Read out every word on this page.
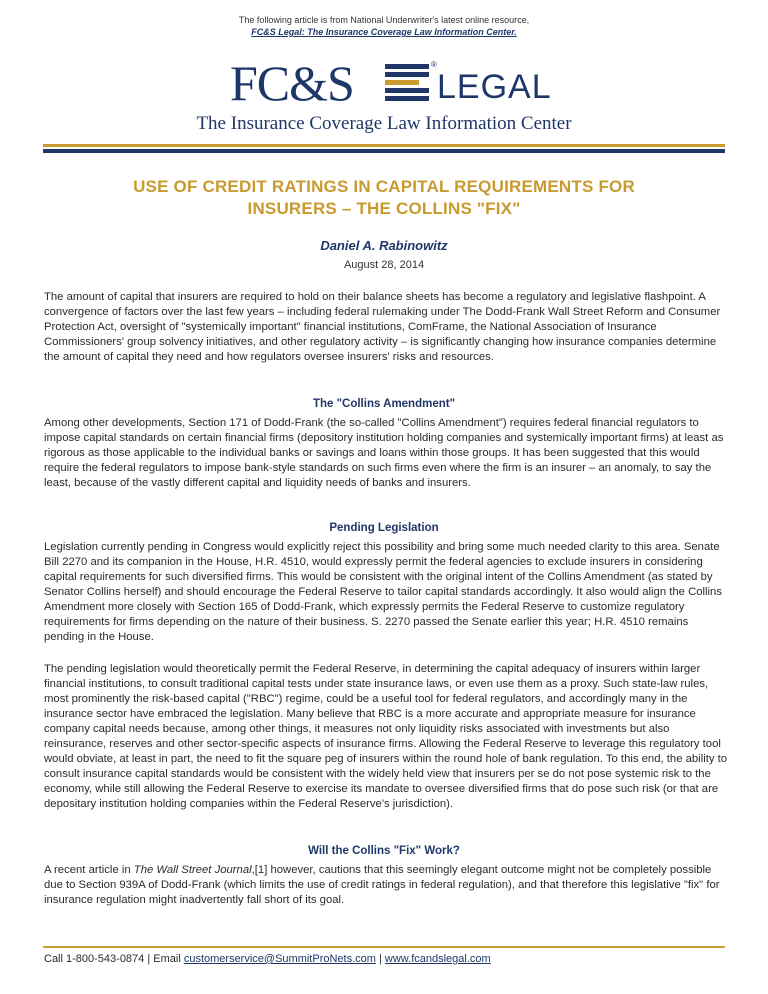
The following article is from National Underwriter's latest online resource,
FC&S Legal: The Insurance Coverage Law Information Center.
FC&S	®
LEGAL
The Insurance Coverage Law Information Center
USE OF CREDIT RATINGS IN CAPITAL REQUIREMENTS FOR
INSURERS – THE COLLINS "FIX"
Daniel A. Rabinowitz
August 28, 2014

The amount of capital that insurers are required to hold on their balance sheets has become a regulatory and legislative flashpoint. A convergence of factors over the last few years – including federal rulemaking under The Dodd-Frank Wall Street Reform and Consumer Protection Act, oversight of "systemically important" financial institutions, ComFrame, the National Association of Insurance Commissioners' group solvency initiatives, and other regulatory activity – is significantly changing how insurance companies determine the amount of capital they need and how regulators oversee insurers' risks and resources.

The "Collins Amendment"

Among other developments, Section 171 of Dodd-Frank (the so-called "Collins Amendment") requires federal financial regulators to impose capital standards on certain financial firms (depository institution holding companies and systemically important firms) at least as rigorous as those applicable to the individual banks or savings and loans within those groups. It has been suggested that this would require the federal regulators to impose bank-style standards on such firms even where the firm is an insurer – an anomaly, to say the least, because of the vastly different capital and liquidity needs of banks and insurers.

Pending Legislation

Legislation currently pending in Congress would explicitly reject this possibility and bring some much needed clarity to this area. Senate Bill 2270 and its companion in the House, H.R. 4510, would expressly permit the federal agencies to exclude insurers in considering capital requirements for such diversified firms. This would be consistent with the original intent of the Collins Amendment (as stated by Senator Collins herself) and should encourage the Federal Reserve to tailor capital standards accordingly. It also would align the Collins Amendment more closely with Section 165 of Dodd-Frank, which expressly permits the Federal Reserve to customize regulatory requirements for firms depending on the nature of their business. S. 2270 passed the Senate earlier this year; H.R. 4510 remains pending in the House.

The pending legislation would theoretically permit the Federal Reserve, in determining the capital adequacy of insurers within larger financial institutions, to consult traditional capital tests under state insurance laws, or even use them as a proxy. Such state-law rules, most prominently the risk-based capital ("RBC") regime, could be a useful tool for federal regulators, and accordingly many in the insurance sector have embraced the legislation. Many believe that RBC is a more accurate and appropriate measure for insurance company capital needs because, among other things, it measures not only liquidity risks associated with investments but also reinsurance, reserves and other sector-specific aspects of insurance firms. Allowing the Federal Reserve to leverage this regulatory tool would obviate, at least in part, the need to fit the square peg of insurers within the round hole of bank regulation. To this end, the ability to consult insurance capital standards would be consistent with the widely held view that insurers per se do not pose systemic risk to the economy, while still allowing the Federal Reserve to exercise its mandate to oversee diversified firms that do pose such risk (or that are depositary institution holding companies within the Federal Reserve's jurisdiction).

Will the Collins "Fix" Work?

A recent article in The Wall Street Journal,[1] however, cautions that this seemingly elegant outcome might not be completely possible due to Section 939A of Dodd-Frank (which limits the use of credit ratings in federal regulation), and that therefore this legislative "fix" for insurance regulation might inadvertently fall short of its goal.

Call 1-800-543-0874 | Email customerservice@SummitProNets.com | www.fcandslegal.com
